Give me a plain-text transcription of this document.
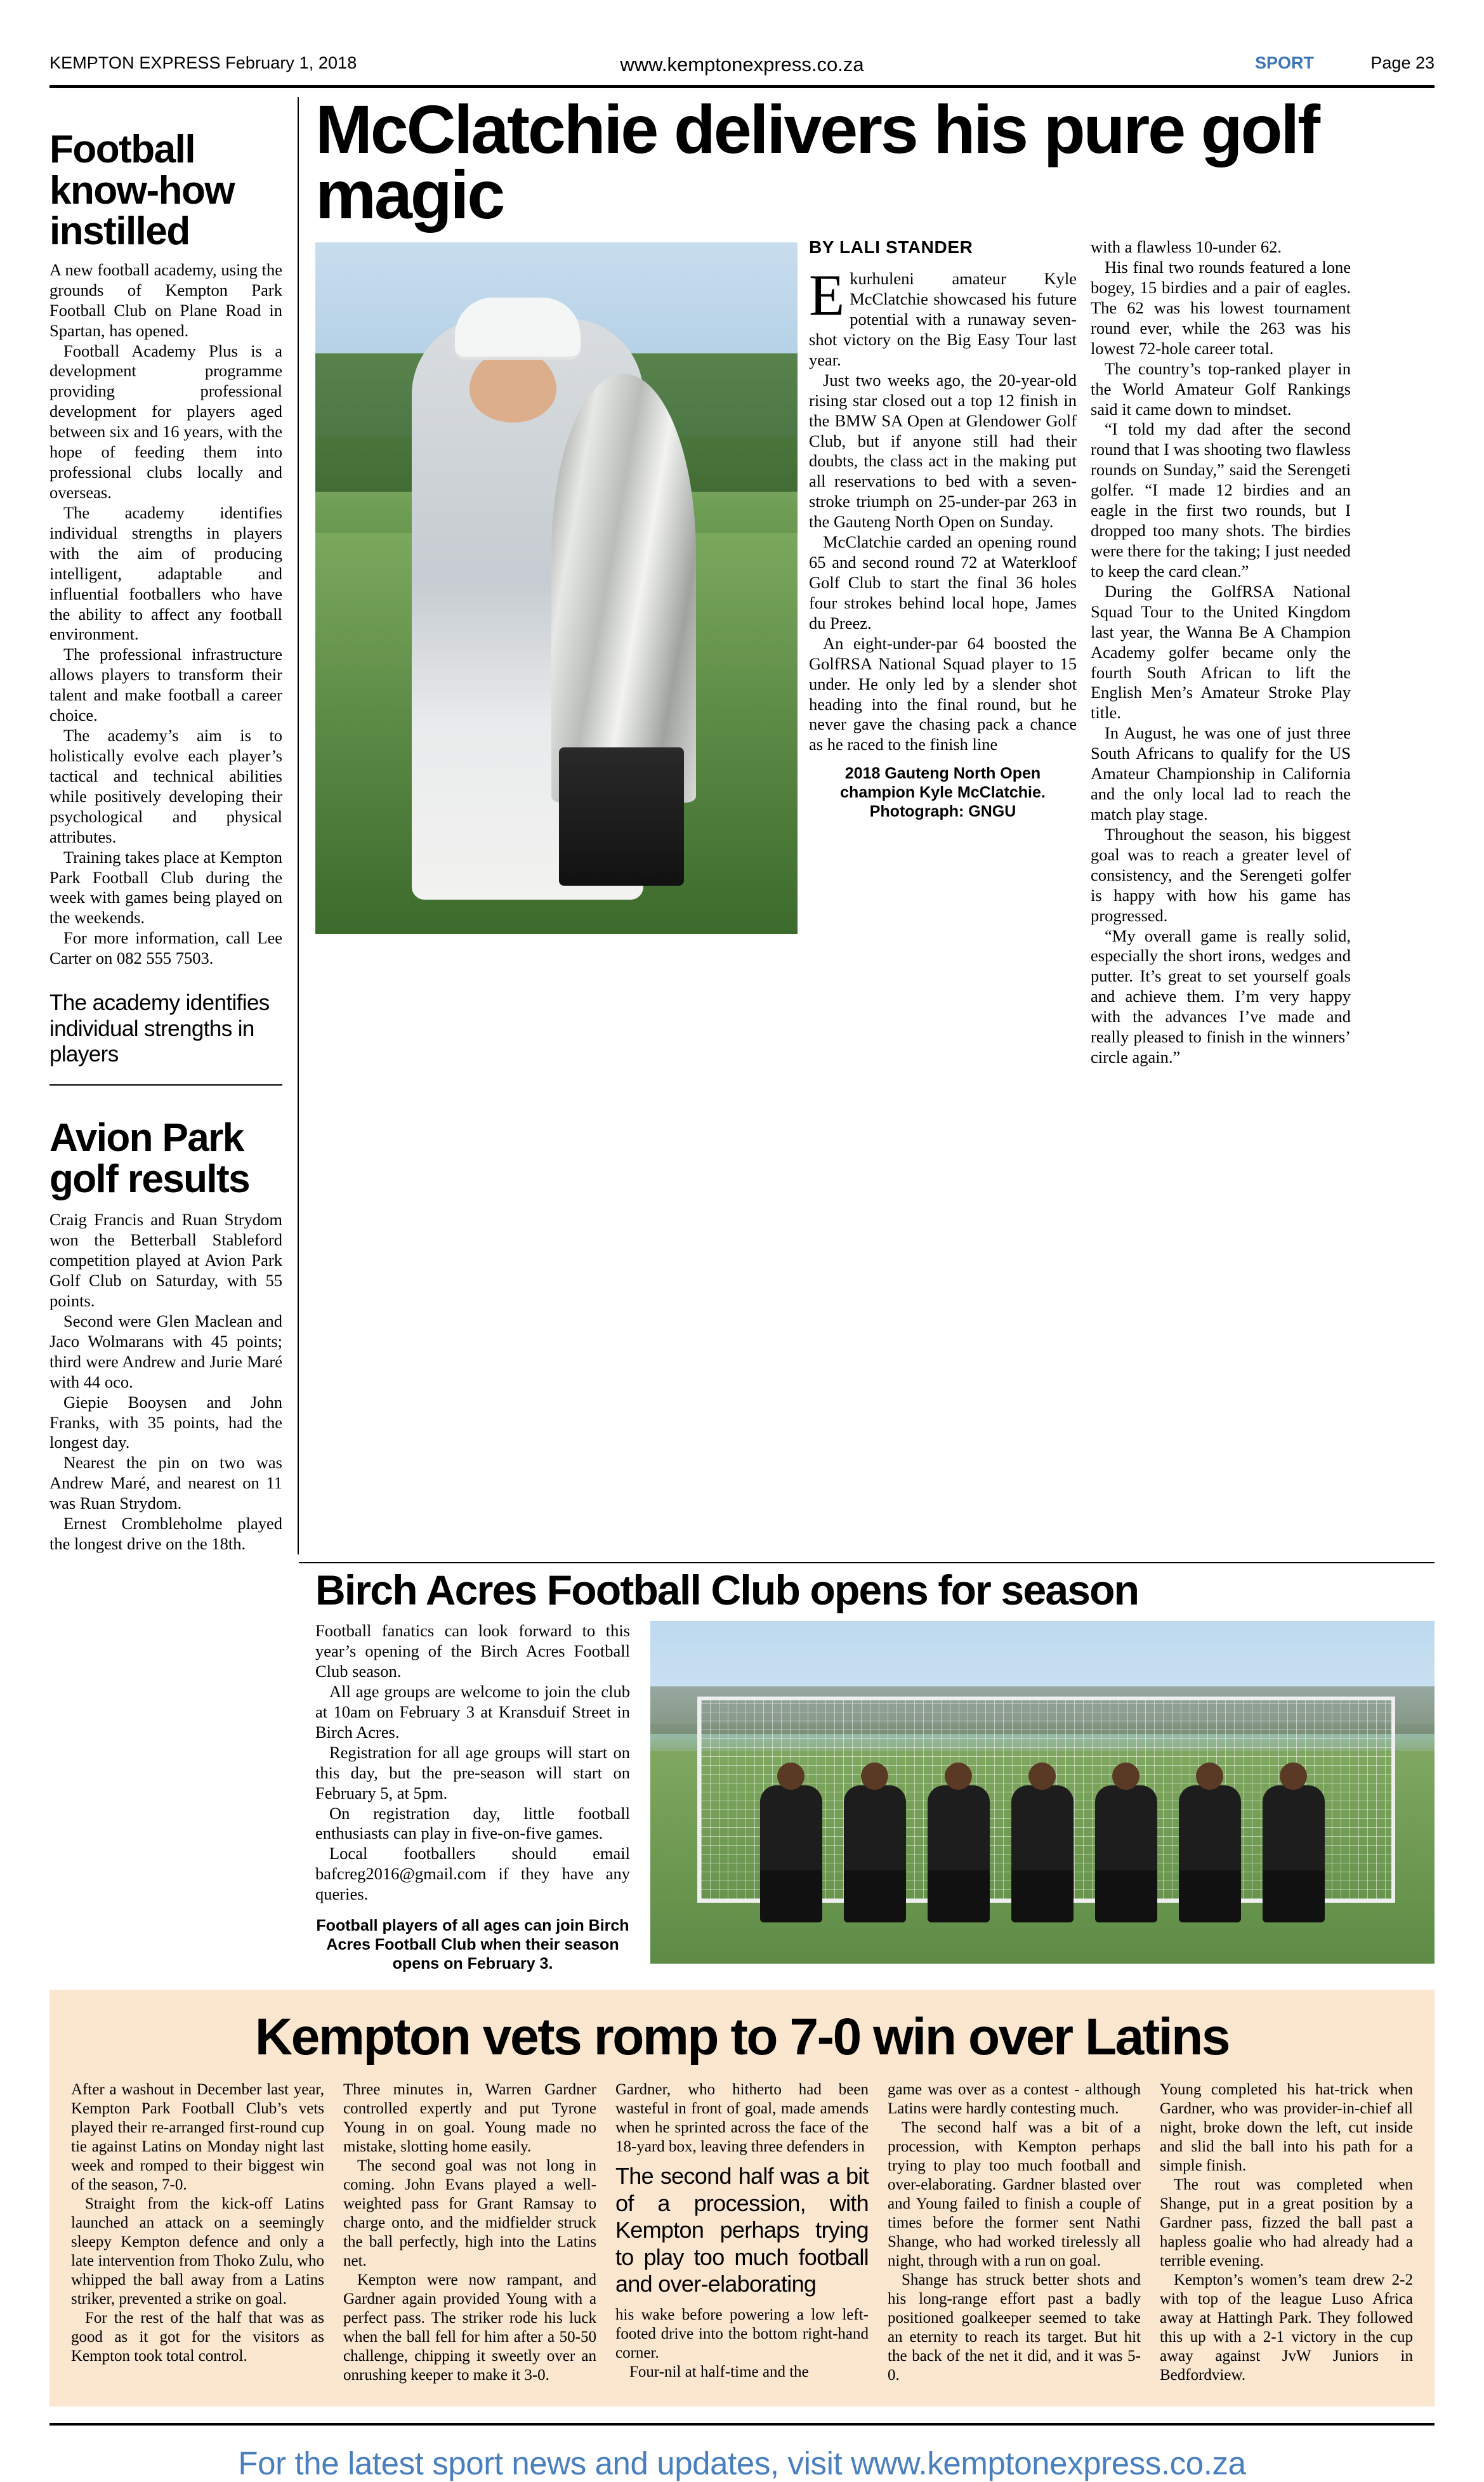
KEMPTON EXPRESS February 1, 2018	www.kemptonexpress.co.za	SPORT	Page 23
Football know-how instilled

A new football academy, using the grounds of Kempton Park Football Club on Plane Road in Spartan, has opened.

Football Academy Plus is a development programme providing professional development for players aged between six and 16 years, with the hope of feeding them into professional clubs locally and overseas.

The academy identifies individual strengths in players with the aim of producing intelligent, adaptable and influential footballers who have the ability to affect any football environment.

The professional infrastructure allows players to transform their talent and make football a career choice.

The academy’s aim is to holistically evolve each player’s tactical and technical abilities while positively developing their psychological and physical attributes.

Training takes place at Kempton Park Football Club during the week with games being played on the weekends.

For more information, call Lee Carter on 082 555 7503.

The academy identifies individual strengths in players
Avion Park golf results

Craig Francis and Ruan Strydom won the Betterball Stableford competition played at Avion Park Golf Club on Saturday, with 55 points.

Second were Glen Maclean and Jaco Wolmarans with 45 points; third were Andrew and Jurie Maré with 44 oco.

Giepie Booysen and John Franks, with 35 points, had the longest day.

Nearest the pin on two was Andrew Maré, and nearest on 11 was Ruan Strydom.

Ernest Crombleholme played the longest drive on the 18th.

McClatchie delivers his pure golf magic
BY LALI STANDER

Ekurhuleni amateur Kyle McClatchie showcased his future potential with a runaway seven-shot victory on the Big Easy Tour last year.

Just two weeks ago, the 20-year-old rising star closed out a top 12 finish in the BMW SA Open at Glendower Golf Club, but if anyone still had their doubts, the class act in the making put all reservations to bed with a seven-stroke triumph on 25-under-par 263 in the Gauteng North Open on Sunday.

McClatchie carded an opening round 65 and second round 72 at Waterkloof Golf Club to start the final 36 holes four strokes behind local hope, James du Preez.

An eight-under-par 64 boosted the GolfRSA National Squad player to 15 under. He only led by a slender shot heading into the final round, but he never gave the chasing pack a chance as he raced to the finish line

2018 Gauteng North Open champion Kyle McClatchie. Photograph: GNGU

with a flawless 10-under 62.

His final two rounds featured a lone bogey, 15 birdies and a pair of eagles. The 62 was his lowest tournament round ever, while the 263 was his lowest 72-hole career total.

The country’s top-ranked player in the World Amateur Golf Rankings said it came down to mindset.

“I told my dad after the second round that I was shooting two flawless rounds on Sunday,” said the Serengeti golfer. “I made 12 birdies and an eagle in the first two rounds, but I dropped too many shots. The birdies were there for the taking; I just needed to keep the card clean.”

During the GolfRSA National Squad Tour to the United Kingdom last year, the Wanna Be A Champion Academy golfer became only the fourth South African to lift the English Men’s Amateur Stroke Play title.

In August, he was one of just three South Africans to qualify for the US Amateur Championship in California and the only local lad to reach the match play stage.

Throughout the season, his biggest goal was to reach a greater level of consistency, and the Serengeti golfer is happy with how his game has progressed.

“My overall game is really solid, especially the short irons, wedges and putter. It’s great to set yourself goals and achieve them. I’m very happy with the advances I’ve made and really pleased to finish in the winners’ circle again.”

Birch Acres Football Club opens for season

Football fanatics can look forward to this year’s opening of the Birch Acres Football Club season.

All age groups are welcome to join the club at 10am on February 3 at Kransduif Street in Birch Acres.

Registration for all age groups will start on this day, but the pre-season will start on February 5, at 5pm.

On registration day, little football enthusiasts can play in five-on-five games.

Local footballers should email bafcreg2016@gmail.com if they have any queries.

Football players of all ages can join Birch Acres Football Club when their season opens on February 3.
Kempton vets romp to 7-0 win over Latins

After a washout in December last year, Kempton Park Football Club’s vets played their re-arranged first-round cup tie against Latins on Monday night last week and romped to their biggest win of the season, 7-0.

Straight from the kick-off Latins launched an attack on a seemingly sleepy Kempton defence and only a late intervention from Thoko Zulu, who whipped the ball away from a Latins striker, prevented a strike on goal.

For the rest of the half that was as good as it got for the visitors as Kempton took total control.

Three minutes in, Warren Gardner controlled expertly and put Tyrone Young in on goal. Young made no mistake, slotting home easily.

The second goal was not long in coming. John Evans played a well-weighted pass for Grant Ramsay to charge onto, and the midfielder struck the ball perfectly, high into the Latins net.

Kempton were now rampant, and Gardner again provided Young with a perfect pass. The striker rode his luck when the ball fell for him after a 50-50 challenge, chipping it sweetly over an onrushing keeper to make it 3-0.

Gardner, who hitherto had been wasteful in front of goal, made amends when he sprinted across the face of the 18-yard box, leaving three defenders in

The second half was a bit of a procession, with Kempton perhaps trying to play too much football and over-elaborating

his wake before powering a low left-footed drive into the bottom right-hand corner.

Four-nil at half-time and the

game was over as a contest - although Latins were hardly contesting much.

The second half was a bit of a procession, with Kempton perhaps trying to play too much football and over-elaborating. Gardner blasted over and Young failed to finish a couple of times before the former sent Nathi Shange, who had worked tirelessly all night, through with a run on goal.

Shange has struck better shots and his long-range effort past a badly positioned goalkeeper seemed to take an eternity to reach its target. But hit the back of the net it did, and it was 5-0.

Young completed his hat-trick when Gardner, who was provider-in-chief all night, broke down the left, cut inside and slid the ball into his path for a simple finish.

The rout was completed when Shange, put in a great position by a Gardner pass, fizzed the ball past a hapless goalie who had already had a terrible evening.

Kempton’s women’s team drew 2-2 with top of the league Luso Africa away at Hattingh Park. They followed this up with a 2-1 victory in the cup away against JvW Juniors in Bedfordview.

For the latest sport news and updates, visit www.kemptonexpress.co.za
